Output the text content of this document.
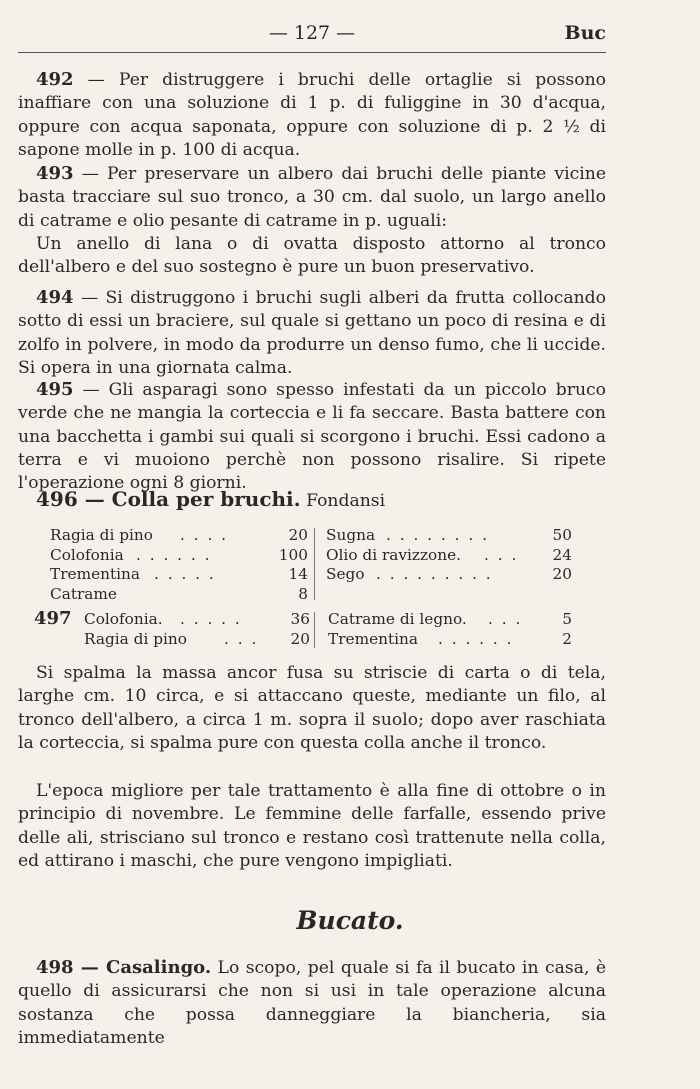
— 127 —	Buc

492 — Per distruggere i bruchi delle ortaglie si possono inaffiare con una soluzione di 1 p. di fuliggine in 30 d'acqua, oppure con acqua saponata, oppure con soluzione di p. 2 ½ di sapone molle in p. 100 di acqua.

493 — Per preservare un albero dai bruchi delle piante vicine basta tracciare sul suo tronco, a 30 cm. dal suolo, un largo anello di catrame e olio pesante di catrame in p. uguali:

Un anello di lana o di ovatta disposto attorno al tronco dell'albero e del suo sostegno è pure un buon preservativo.

494 — Si distruggono i bruchi sugli alberi da frutta collocando sotto di essi un braciere, sul quale si gettano un poco di resina e di zolfo in polvere, in modo da produrre un denso fumo, che li uccide. Si opera in una giornata calma.

495 — Gli asparagi sono spesso infestati da un piccolo bruco verde che ne mangia la corteccia e li fa seccare. Basta battere con una bacchetta i gambi sui quali si scorgono i bruchi. Essi cadono a terra e vi muoiono perchè non possono risalire. Si ripete l'operazione ogni 8 giorni.

496 — Colla per bruchi. Fondansi

Ragia di pino . . . .	20
Colofonia . . . . . .	100
Trementina . . . . .	14
Catrame	8
Sugna . . . . . . . .	50
Olio di ravizzone. . . . 24
Sego . . . . . . . . .	20
497 Colofonia. . . . . .	36
Ragia di pino . . . 20
Catrame di legno. . . .	5
Trementina . . . . . .	2

Si spalma la massa ancor fusa su striscie di carta o di tela, larghe cm. 10 circa, e si attaccano queste, mediante un filo, al tronco dell'albero, a circa 1 m. sopra il suolo; dopo aver raschiata la corteccia, si spalma pure con questa colla anche il tronco.

L'epoca migliore per tale trattamento è alla fine di ottobre o in principio di novembre. Le femmine delle farfalle, essendo prive delle ali, strisciano sul tronco e restano così trattenute nella colla, ed attirano i maschi, che pure vengono impigliati.

Bucato.

498 — Casalingo. Lo scopo, pel quale si fa il bucato in casa, è quello di assicurarsi che non si usi in tale operazione alcuna sostanza che possa danneggiare la biancheria, sia immediatamente
